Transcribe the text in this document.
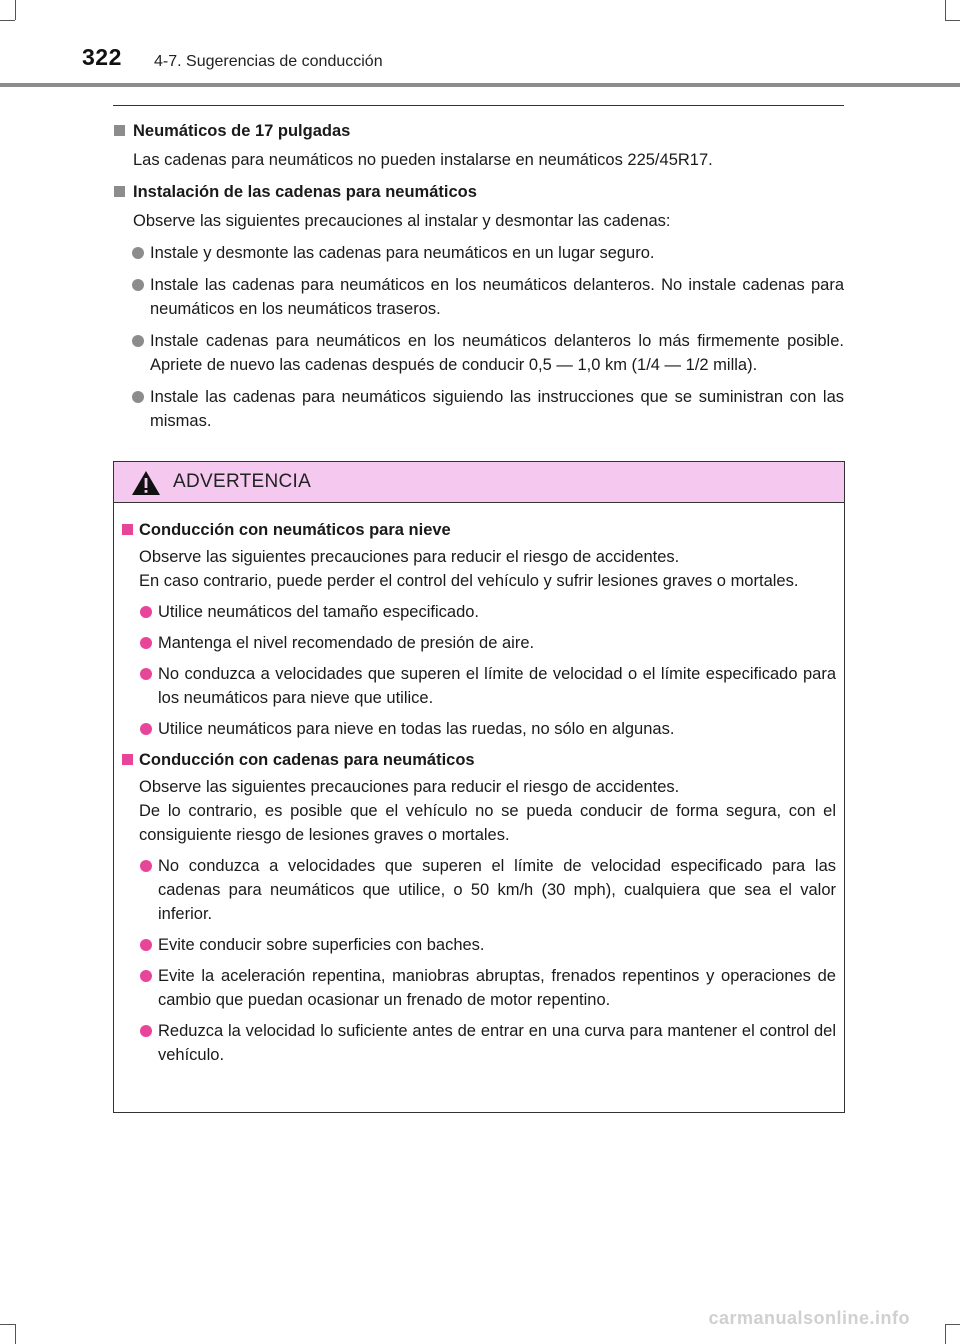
322 4-7. Sugerencias de conducción
Neumáticos de 17 pulgadas
Las cadenas para neumáticos no pueden instalarse en neumáticos 225/45R17.
Instalación de las cadenas para neumáticos
Observe las siguientes precauciones al instalar y desmontar las cadenas:
Instale y desmonte las cadenas para neumáticos en un lugar seguro.
Instale las cadenas para neumáticos en los neumáticos delanteros. No instale cadenas para neumáticos en los neumáticos traseros.
Instale cadenas para neumáticos en los neumáticos delanteros lo más firmemente posible. Apriete de nuevo las cadenas después de conducir 0,5 — 1,0 km (1/4 — 1/2 milla).
Instale las cadenas para neumáticos siguiendo las instrucciones que se suministran con las mismas.
ADVERTENCIA
Conducción con neumáticos para nieve
Observe las siguientes precauciones para reducir el riesgo de accidentes.
En caso contrario, puede perder el control del vehículo y sufrir lesiones graves o mortales.
Utilice neumáticos del tamaño especificado.
Mantenga el nivel recomendado de presión de aire.
No conduzca a velocidades que superen el límite de velocidad o el límite especificado para los neumáticos para nieve que utilice.
Utilice neumáticos para nieve en todas las ruedas, no sólo en algunas.
Conducción con cadenas para neumáticos
Observe las siguientes precauciones para reducir el riesgo de accidentes.
De lo contrario, es posible que el vehículo no se pueda conducir de forma segura, con el consiguiente riesgo de lesiones graves o mortales.
No conduzca a velocidades que superen el límite de velocidad especificado para las cadenas para neumáticos que utilice, o 50 km/h (30 mph), cualquiera que sea el valor inferior.
Evite conducir sobre superficies con baches.
Evite la aceleración repentina, maniobras abruptas, frenados repentinos y operaciones de cambio que puedan ocasionar un frenado de motor repentino.
Reduzca la velocidad lo suficiente antes de entrar en una curva para mantener el control del vehículo.
carmanualsonline.info
